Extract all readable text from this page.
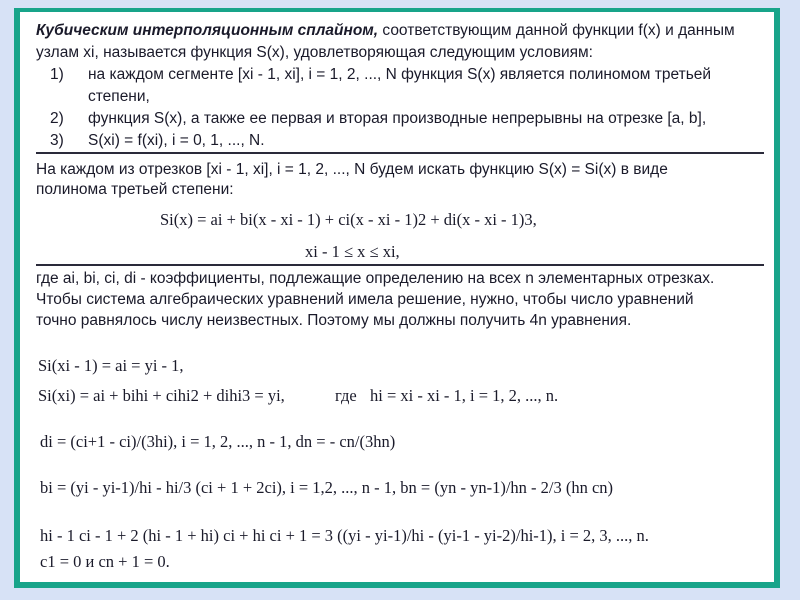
Кубическим интерполяционным сплайном, соответствующим данной функции f(x) и данным
узлам xi, называется функция S(x), удовлетворяющая следующим условиям:
1) на каждом сегменте [xi - 1, xi], i = 1, 2, ..., N функция S(x) является полиномом третьей
степени,
2) функция S(x), а также ее первая и вторая производные непрерывны на отрезке [a, b],
3) S(xi) = f(xi), i = 0, 1, ..., N.
На каждом из отрезков [xi - 1, xi], i = 1, 2, ..., N будем искать функцию S(x) = Si(x) в виде
полинома третьей степени:
Si(x) = ai + bi(x - xi - 1) + ci(x - xi - 1)2 + di(x - xi - 1)3,
xi - 1 ≤ x ≤ xi,
где ai, bi, ci, di - коэффициенты, подлежащие определению на всех n элементарных отрезках.
Чтобы система алгебраических уравнений имела решение, нужно, чтобы число уравнений
точно равнялось числу неизвестных. Поэтому мы должны получить 4n уравнения.
Si(xi - 1) = ai = yi - 1,
Si(xi) = ai + bihi + cihi2 + dihi3 = yi,	где hi = xi - xi - 1, i = 1, 2, ..., n.
di = (ci+1 - ci)/(3hi), i = 1, 2, ..., n - 1, dn = - cn/(3hn)
bi = (yi - yi-1)/hi - hi/3 (ci + 1 + 2ci), i = 1,2, ..., n - 1, bn = (yn - yn-1)/hn - 2/3 (hn cn)
hi - 1 ci - 1 + 2 (hi - 1 + hi) ci + hi ci + 1 = 3 ((yi - yi-1)/hi - (yi-1 - yi-2)/hi-1), i = 2, 3, ..., n.
c1 = 0 и cn + 1 = 0.
